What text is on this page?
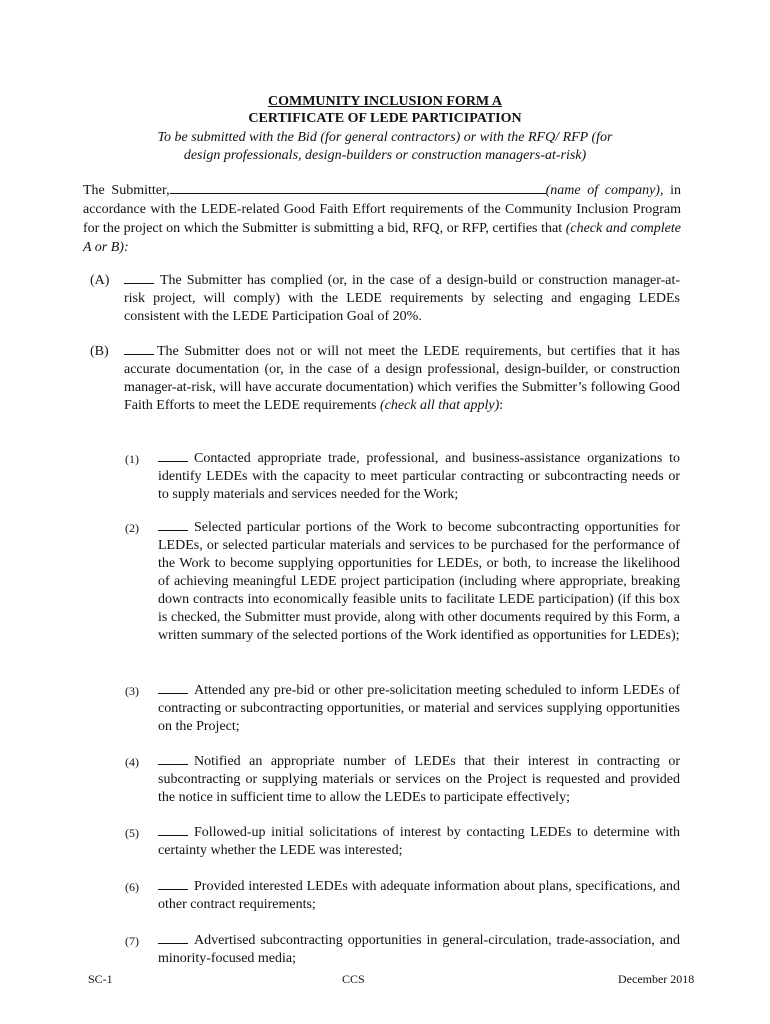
COMMUNITY INCLUSION FORM A
CERTIFICATE OF LEDE PARTICIPATION
To be submitted with the Bid (for general contractors) or with the RFQ/ RFP (for
design professionals, design-builders or construction managers-at-risk)
The Submitter,	(name of company), in accordance with the LEDE-related Good Faith Effort requirements of the Community Inclusion Program for the project on which the Submitter is submitting a bid, RFQ, or RFP, certifies that (check and complete A or B):
(A)	The Submitter has complied (or, in the case of a design-build or construction manager-at-risk project, will comply) with the LEDE requirements by selecting and engaging LEDEs consistent with the LEDE Participation Goal of 20%.
(B)	The Submitter does not or will not meet the LEDE requirements, but certifies that it has accurate documentation (or, in the case of a design professional, design-builder, or construction manager-at-risk, will have accurate documentation) which verifies the Submitter’s following Good Faith Efforts to meet the LEDE requirements (check all that apply):
(1)	Contacted appropriate trade, professional, and business-assistance organizations to identify LEDEs with the capacity to meet particular contracting or subcontracting needs or to supply materials and services needed for the Work;
(2)	Selected particular portions of the Work to become subcontracting opportunities for LEDEs, or selected particular materials and services to be purchased for the performance of the Work to become supplying opportunities for LEDEs, or both, to increase the likelihood of achieving meaningful LEDE project participation (including where appropriate, breaking down contracts into economically feasible units to facilitate LEDE participation) (if this box is checked, the Submitter must provide, along with other documents required by this Form, a written summary of the selected portions of the Work identified as opportunities for LEDEs);
(3)	Attended any pre-bid or other pre-solicitation meeting scheduled to inform LEDEs of contracting or subcontracting opportunities, or material and services supplying opportunities on the Project;
(4)	Notified an appropriate number of LEDEs that their interest in contracting or subcontracting or supplying materials or services on the Project is requested and provided the notice in sufficient time to allow the LEDEs to participate effectively;
(5)	Followed-up initial solicitations of interest by contacting LEDEs to determine with certainty whether the LEDE was interested;
(6)	Provided interested LEDEs with adequate information about plans, specifications, and other contract requirements;
(7)	Advertised subcontracting opportunities in general-circulation, trade-association, and minority-focused media;
SC-1	CCS	December 2018
